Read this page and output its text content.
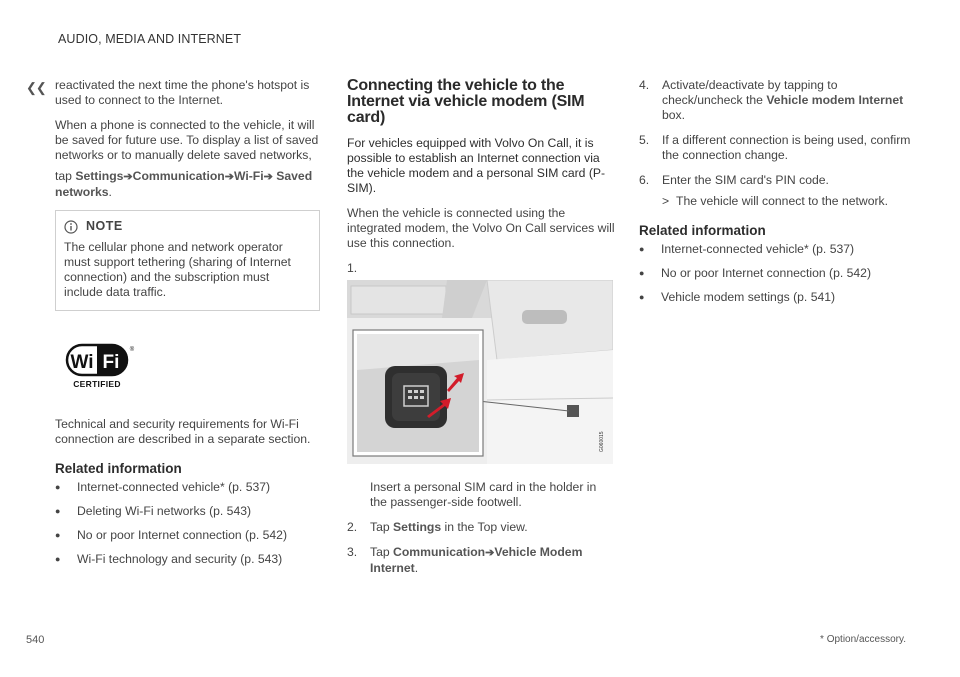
AUDIO, MEDIA AND INTERNET
❮❮ reactivated the next time the phone's hotspot is used to connect to the Internet.

When a phone is connected to the vehicle, it will be saved for future use. To display a list of saved networks or to manually delete saved networks,

tap Settings➔Communication➔Wi-Fi➔ Saved networks.

NOTE
The cellular phone and network operator must support tethering (sharing of Internet connection) and the subscription must include data traffic.
Wi Fi
®
CERTIFIED

Technical and security requirements for Wi-Fi connection are described in a separate section.

Related information
●	Internet-connected vehicle* (p. 537)
●	Deleting Wi-Fi networks (p. 543)
●	No or poor Internet connection (p. 542)
●	Wi-Fi technology and security (p. 543)
Connecting the vehicle to the Internet via vehicle modem (SIM card)

For vehicles equipped with Volvo On Call, it is possible to establish an Internet connection via the vehicle modem and a personal SIM card (P-SIM).

When the vehicle is connected using the integrated modem, the Volvo On Call services will use this connection.

1.
G060015
Insert a personal SIM card in the holder in the passenger-side footwell.
2.	Tap Settings in the Top view.
3.	Tap Communication➔Vehicle Modem Internet.
4.	Activate/deactivate by tapping to check/uncheck the Vehicle modem Internet box.
5.	If a different connection is being used, confirm the connection change.
6.	Enter the SIM card's PIN code.
> The vehicle will connect to the network.
Related information
●	Internet-connected vehicle* (p. 537)
●	No or poor Internet connection (p. 542)
●	Vehicle modem settings (p. 541)
540	* Option/accessory.
